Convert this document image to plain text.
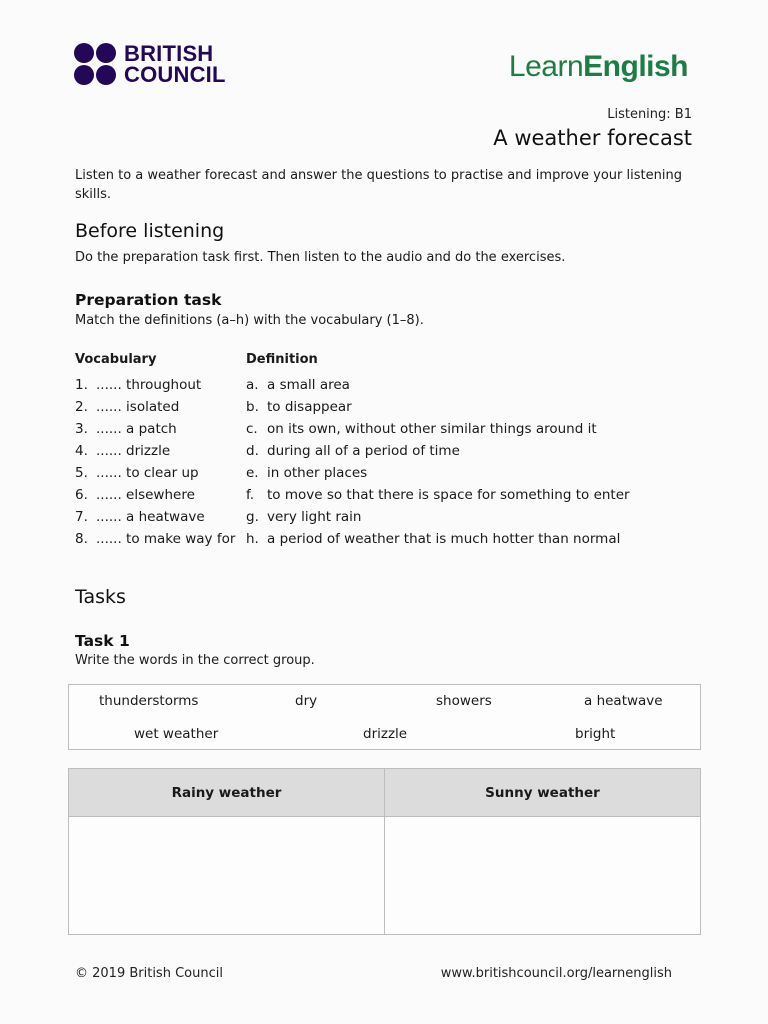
BRITISH
COUNCIL	LearnEnglish
Listening: B1
A weather forecast
Listen to a weather forecast and answer the questions to practise and improve your listening skills.
Before listening
Do the preparation task first. Then listen to the audio and do the exercises.
Preparation task
Match the definitions (a–h) with the vocabulary (1–8).
Vocabulary	Definition
1. ...... throughout	a. a small area
2. ...... isolated	b. to disappear
3. ...... a patch	c. on its own, without other similar things around it
4. ...... drizzle	d. during all of a period of time
5. ...... to clear up	e. in other places
6. ...... elsewhere	f. to move so that there is space for something to enter
7. ...... a heatwave	g. very light rain
8. ...... to make way for h. a period of weather that is much hotter than normal
Tasks
Task 1
Write the words in the correct group.
thunderstorms	dry	showers	a heatwave
wet weather	drizzle	bright
Rainy weather	Sunny weather
© 2019 British Council	www.britishcouncil.org/learnenglish
